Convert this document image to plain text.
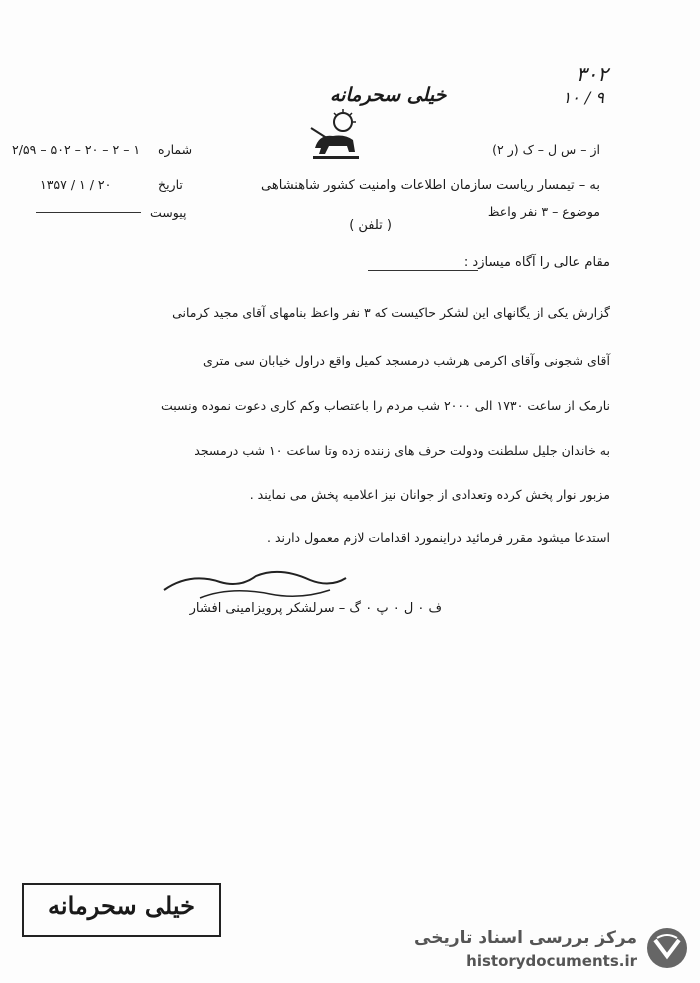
۳۰۲
۹ / ۱۰
خیلی سحرمانه
از – س ل – ک (ر ۲)
به – تیمسار ریاست سازمان اطلاعات وامنیت کشور شاهنشاهی
موضوع – ۳ نفر واعظ
( تلفن )
شماره
۲/۵۹ – ۵۰۲ – ۲۰ – ۲ – ۱
تاریخ
۱۳۵۷ / ۱ / ۲۰
پیوست
مقام عالی را آگاه میسازد :
گزارش یکی از یگانهای این لشکر حاکیست که ۳ نفر واعظ بنامهای آقای مجید کرمانی
آقای شجونی وآقای اکرمی هرشب درمسجد کمیل واقع دراول خیابان سی متری
نارمک از ساعت ۱۷۳۰ الی ۲۰۰۰ شب مردم را باعتصاب وکم کاری دعوت نموده ونسبت
به خاندان جلیل سلطنت ودولت حرف های زننده زده وتا ساعت ۱۰ شب درمسجد
مزبور نوار پخش کرده وتعدادی از جوانان نیز اعلامیه پخش می نمایند .
استدعا میشود مقرر فرمائید دراینمورد اقدامات لازم معمول دارند .
ف ۰ ل ۰ پ ۰ گ – سرلشکر پرویزامینی افشار
خیلی سحرمانه
مرکز بررسی اسناد تاریخی
historydocuments.ir
